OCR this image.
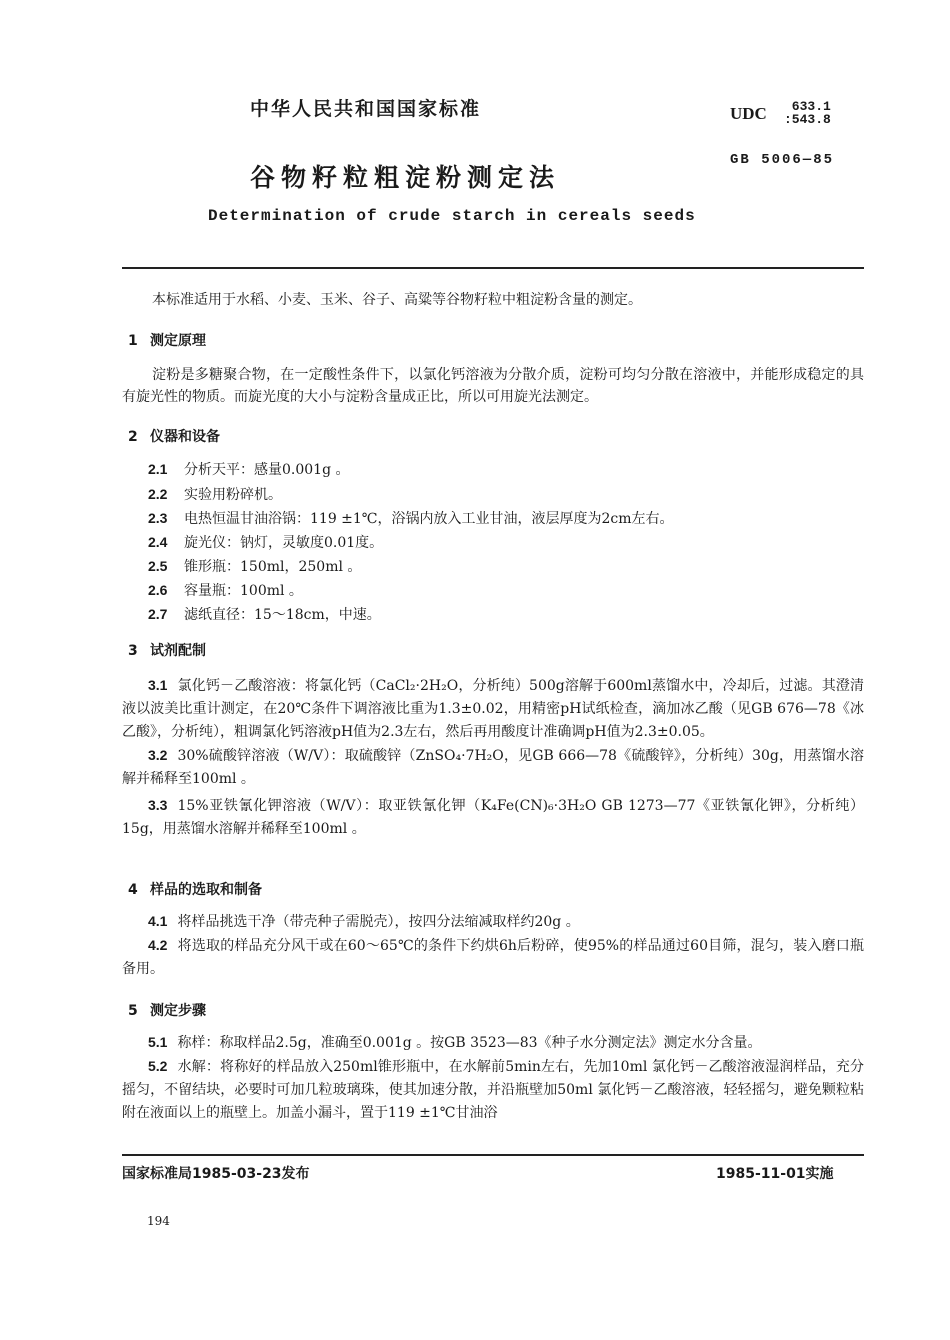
中华人民共和国国家标准	UDC	633.1
:543.8
谷物籽粒粗淀粉测定法
GB 5006—85
Determination of crude starch in cereals seeds

本标准适用于水稻、小麦、玉米、谷子、高粱等谷物籽粒中粗淀粉含量的测定。

1 测定原理

淀粉是多糖聚合物，在一定酸性条件下，以氯化钙溶液为分散介质，淀粉可均匀分散在溶液中，并能形成稳定的具有旋光性的物质。而旋光度的大小与淀粉含量成正比，所以可用旋光法测定。

2 仪器和设备
2.1 分析天平：感量0.001g 。
2.2 实验用粉碎机。
2.3 电热恒温甘油浴锅：119 ±1℃，浴锅内放入工业甘油，液层厚度为2cm左右。
2.4 旋光仪：钠灯，灵敏度0.01度。
2.5 锥形瓶：150ml，250ml 。
2.6 容量瓶：100ml 。
2.7 滤纸直径：15～18cm，中速。
3 试剂配制

3.1 氯化钙－乙酸溶液：将氯化钙（CaCl₂·2H₂O，分析纯）500g溶解于600ml蒸馏水中，冷却后，过滤。其澄清液以波美比重计测定，在20℃条件下调溶液比重为1.3±0.02，用精密pH试纸检查，滴加冰乙酸（见GB 676—78《冰乙酸》，分析纯），粗调氯化钙溶液pH值为2.3左右，然后再用酸度计准确调pH值为2.3±0.05。

3.2 30%硫酸锌溶液（W/V）：取硫酸锌（ZnSO₄·7H₂O，见GB 666—78《硫酸锌》，分析纯）30g，用蒸馏水溶解并稀释至100ml 。

3.3 15%亚铁氰化钾溶液（W/V）：取亚铁氰化钾（K₄Fe(CN)₆·3H₂O GB 1273—77《亚铁氰化钾》，分析纯）15g，用蒸馏水溶解并稀释至100ml 。

4 样品的选取和制备

4.1 将样品挑选干净（带壳种子需脱壳），按四分法缩减取样约20g 。

4.2 将选取的样品充分风干或在60～65℃的条件下约烘6h后粉碎，使95%的样品通过60目筛，混匀，装入磨口瓶备用。

5 测定步骤

5.1 称样：称取样品2.5g，准确至0.001g 。按GB 3523—83《种子水分测定法》测定水分含量。

5.2 水解：将称好的样品放入250ml锥形瓶中，在水解前5min左右，先加10ml 氯化钙－乙酸溶液湿润样品，充分摇匀，不留结块，必要时可加几粒玻璃珠，使其加速分散，并沿瓶壁加50ml 氯化钙－乙酸溶液，轻轻摇匀，避免颗粒粘附在液面以上的瓶壁上。加盖小漏斗，置于119 ±1℃甘油浴

国家标准局1985-03-23发布	1985-11-01实施
194
